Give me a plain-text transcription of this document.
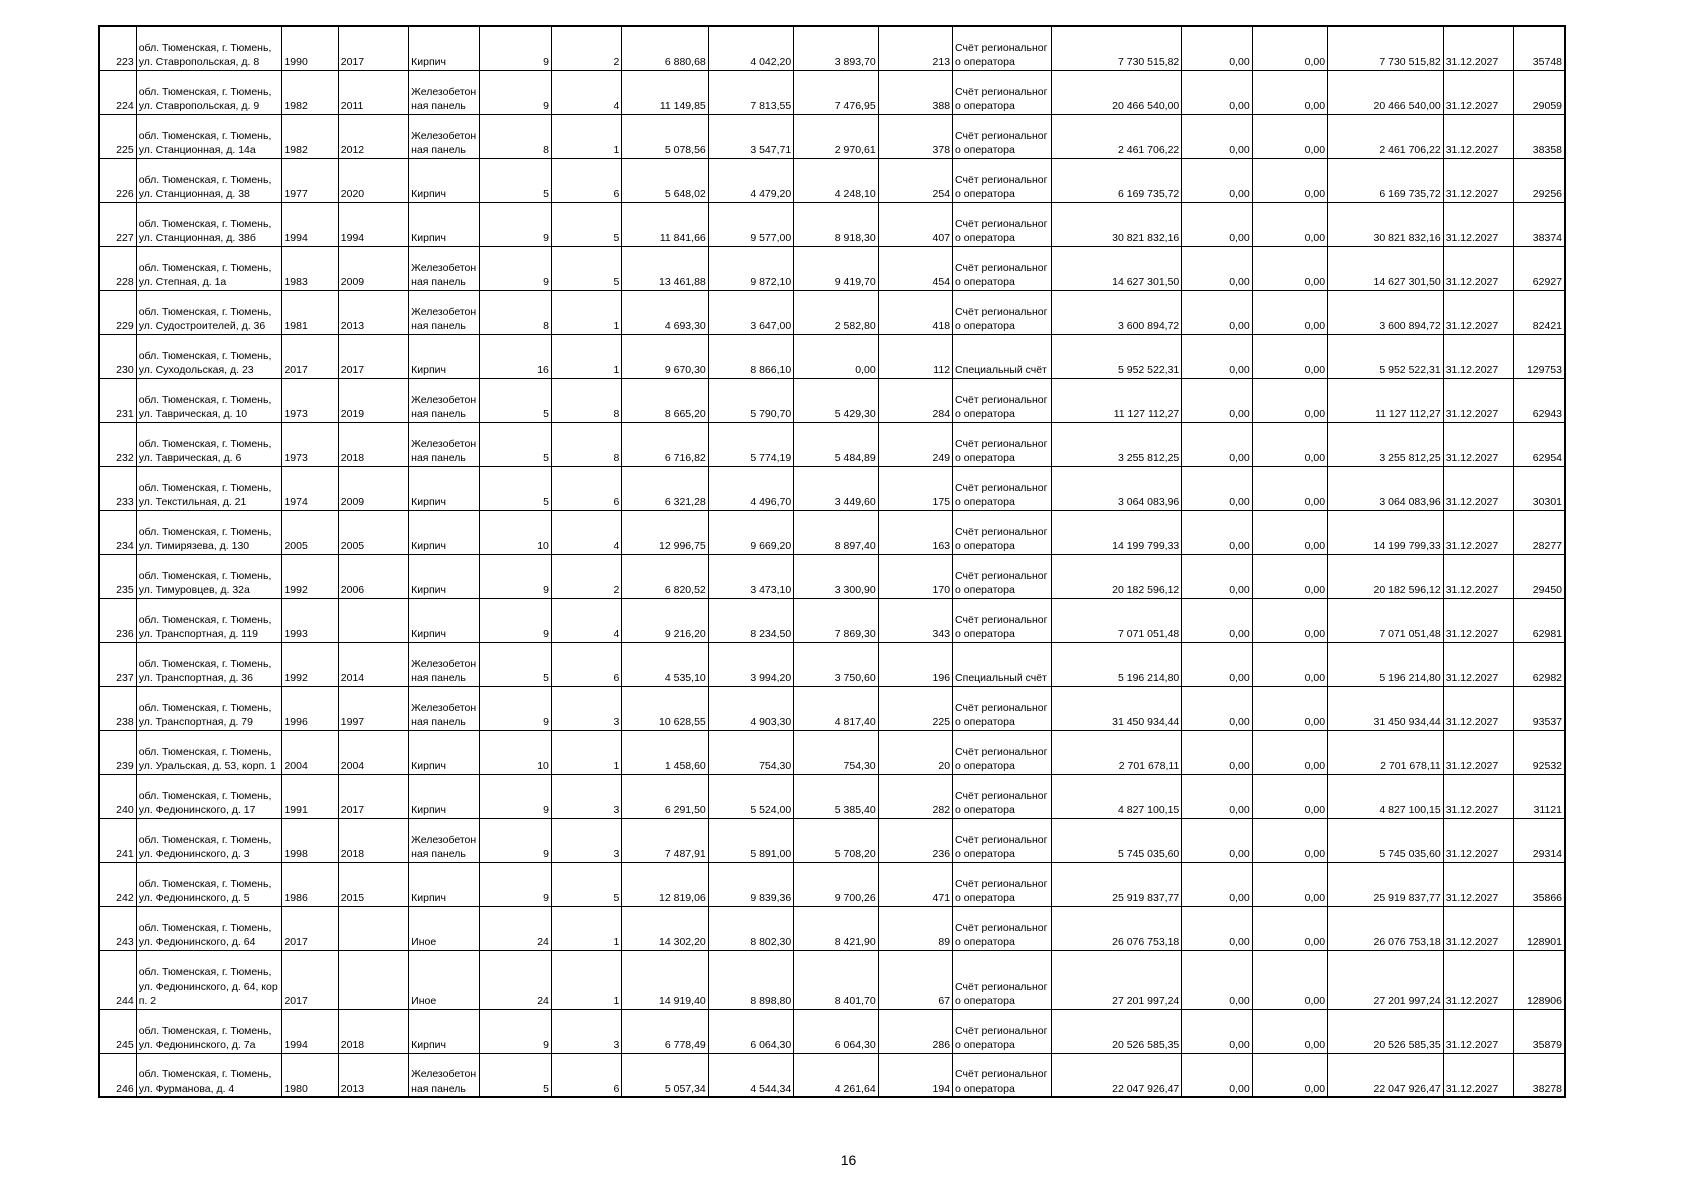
223	обл. Тюменская, г. Тюмень, ул. Ставропольская, д. 8	1990	2017	Кирпич	9	2	6 880,68	4 042,20	3 893,70	213	Счёт регионального оператора	7 730 515,82	0,00	0,00	7 730 515,82	31.12.2027	35748
224	обл. Тюменская, г. Тюмень, ул. Ставропольская, д. 9	1982	2011	Железобетонная панель	9	4	11 149,85	7 813,55	7 476,95	388	Счёт регионального оператора	20 466 540,00	0,00	0,00	20 466 540,00	31.12.2027	29059
225	обл. Тюменская, г. Тюмень, ул. Станционная, д. 14а	1982	2012	Железобетонная панель	8	1	5 078,56	3 547,71	2 970,61	378	Счёт регионального оператора	2 461 706,22	0,00	0,00	2 461 706,22	31.12.2027	38358
226	обл. Тюменская, г. Тюмень, ул. Станционная, д. 38	1977	2020	Кирпич	5	6	5 648,02	4 479,20	4 248,10	254	Счёт регионального оператора	6 169 735,72	0,00	0,00	6 169 735,72	31.12.2027	29256
227	обл. Тюменская, г. Тюмень, ул. Станционная, д. 38б	1994	1994	Кирпич	9	5	11 841,66	9 577,00	8 918,30	407	Счёт регионального оператора	30 821 832,16	0,00	0,00	30 821 832,16	31.12.2027	38374
228	обл. Тюменская, г. Тюмень, ул. Степная, д. 1а	1983	2009	Железобетонная панель	9	5	13 461,88	9 872,10	9 419,70	454	Счёт регионального оператора	14 627 301,50	0,00	0,00	14 627 301,50	31.12.2027	62927
229	обл. Тюменская, г. Тюмень, ул. Судостроителей, д. 36	1981	2013	Железобетонная панель	8	1	4 693,30	3 647,00	2 582,80	418	Счёт регионального оператора	3 600 894,72	0,00	0,00	3 600 894,72	31.12.2027	82421
230	обл. Тюменская, г. Тюмень, ул. Суходольская, д. 23	2017	2017	Кирпич	16	1	9 670,30	8 866,10	0,00	112	Специальный счёт	5 952 522,31	0,00	0,00	5 952 522,31	31.12.2027	129753
231	обл. Тюменская, г. Тюмень, ул. Таврическая, д. 10	1973	2019	Железобетонная панель	5	8	8 665,20	5 790,70	5 429,30	284	Счёт регионального оператора	11 127 112,27	0,00	0,00	11 127 112,27	31.12.2027	62943
232	обл. Тюменская, г. Тюмень, ул. Таврическая, д. 6	1973	2018	Железобетонная панель	5	8	6 716,82	5 774,19	5 484,89	249	Счёт регионального оператора	3 255 812,25	0,00	0,00	3 255 812,25	31.12.2027	62954
233	обл. Тюменская, г. Тюмень, ул. Текстильная, д. 21	1974	2009	Кирпич	5	6	6 321,28	4 496,70	3 449,60	175	Счёт регионального оператора	3 064 083,96	0,00	0,00	3 064 083,96	31.12.2027	30301
234	обл. Тюменская, г. Тюмень, ул. Тимирязева, д. 130	2005	2005	Кирпич	10	4	12 996,75	9 669,20	8 897,40	163	Счёт регионального оператора	14 199 799,33	0,00	0,00	14 199 799,33	31.12.2027	28277
235	обл. Тюменская, г. Тюмень, ул. Тимуровцев, д. 32а	1992	2006	Кирпич	9	2	6 820,52	3 473,10	3 300,90	170	Счёт регионального оператора	20 182 596,12	0,00	0,00	20 182 596,12	31.12.2027	29450
236	обл. Тюменская, г. Тюмень, ул. Транспортная, д. 119	1993		Кирпич	9	4	9 216,20	8 234,50	7 869,30	343	Счёт регионального оператора	7 071 051,48	0,00	0,00	7 071 051,48	31.12.2027	62981
237	обл. Тюменская, г. Тюмень, ул. Транспортная, д. 36	1992	2014	Железобетонная панель	5	6	4 535,10	3 994,20	3 750,60	196	Специальный счёт	5 196 214,80	0,00	0,00	5 196 214,80	31.12.2027	62982
238	обл. Тюменская, г. Тюмень, ул. Транспортная, д. 79	1996	1997	Железобетонная панель	9	3	10 628,55	4 903,30	4 817,40	225	Счёт регионального оператора	31 450 934,44	0,00	0,00	31 450 934,44	31.12.2027	93537
239	обл. Тюменская, г. Тюмень, ул. Уральская, д. 53, корп. 1	2004	2004	Кирпич	10	1	1 458,60	754,30	754,30	20	Счёт регионального оператора	2 701 678,11	0,00	0,00	2 701 678,11	31.12.2027	92532
240	обл. Тюменская, г. Тюмень, ул. Федюнинского, д. 17	1991	2017	Кирпич	9	3	6 291,50	5 524,00	5 385,40	282	Счёт регионального оператора	4 827 100,15	0,00	0,00	4 827 100,15	31.12.2027	31121
241	обл. Тюменская, г. Тюмень, ул. Федюнинского, д. 3	1998	2018	Железобетонная панель	9	3	7 487,91	5 891,00	5 708,20	236	Счёт регионального оператора	5 745 035,60	0,00	0,00	5 745 035,60	31.12.2027	29314
242	обл. Тюменская, г. Тюмень, ул. Федюнинского, д. 5	1986	2015	Кирпич	9	5	12 819,06	9 839,36	9 700,26	471	Счёт регионального оператора	25 919 837,77	0,00	0,00	25 919 837,77	31.12.2027	35866
243	обл. Тюменская, г. Тюмень, ул. Федюнинского, д. 64	2017		Иное	24	1	14 302,20	8 802,30	8 421,90	89	Счёт регионального оператора	26 076 753,18	0,00	0,00	26 076 753,18	31.12.2027	128901
244	обл. Тюменская, г. Тюмень, ул. Федюнинского, д. 64, корп. 2	2017		Иное	24	1	14 919,40	8 898,80	8 401,70	67	Счёт регионального оператора	27 201 997,24	0,00	0,00	27 201 997,24	31.12.2027	128906
245	обл. Тюменская, г. Тюмень, ул. Федюнинского, д. 7а	1994	2018	Кирпич	9	3	6 778,49	6 064,30	6 064,30	286	Счёт регионального оператора	20 526 585,35	0,00	0,00	20 526 585,35	31.12.2027	35879
246	обл. Тюменская, г. Тюмень, ул. Фурманова, д. 4	1980	2013	Железобетонная панель	5	6	5 057,34	4 544,34	4 261,64	194	Счёт регионального оператора	22 047 926,47	0,00	0,00	22 047 926,47	31.12.2027	38278
16
